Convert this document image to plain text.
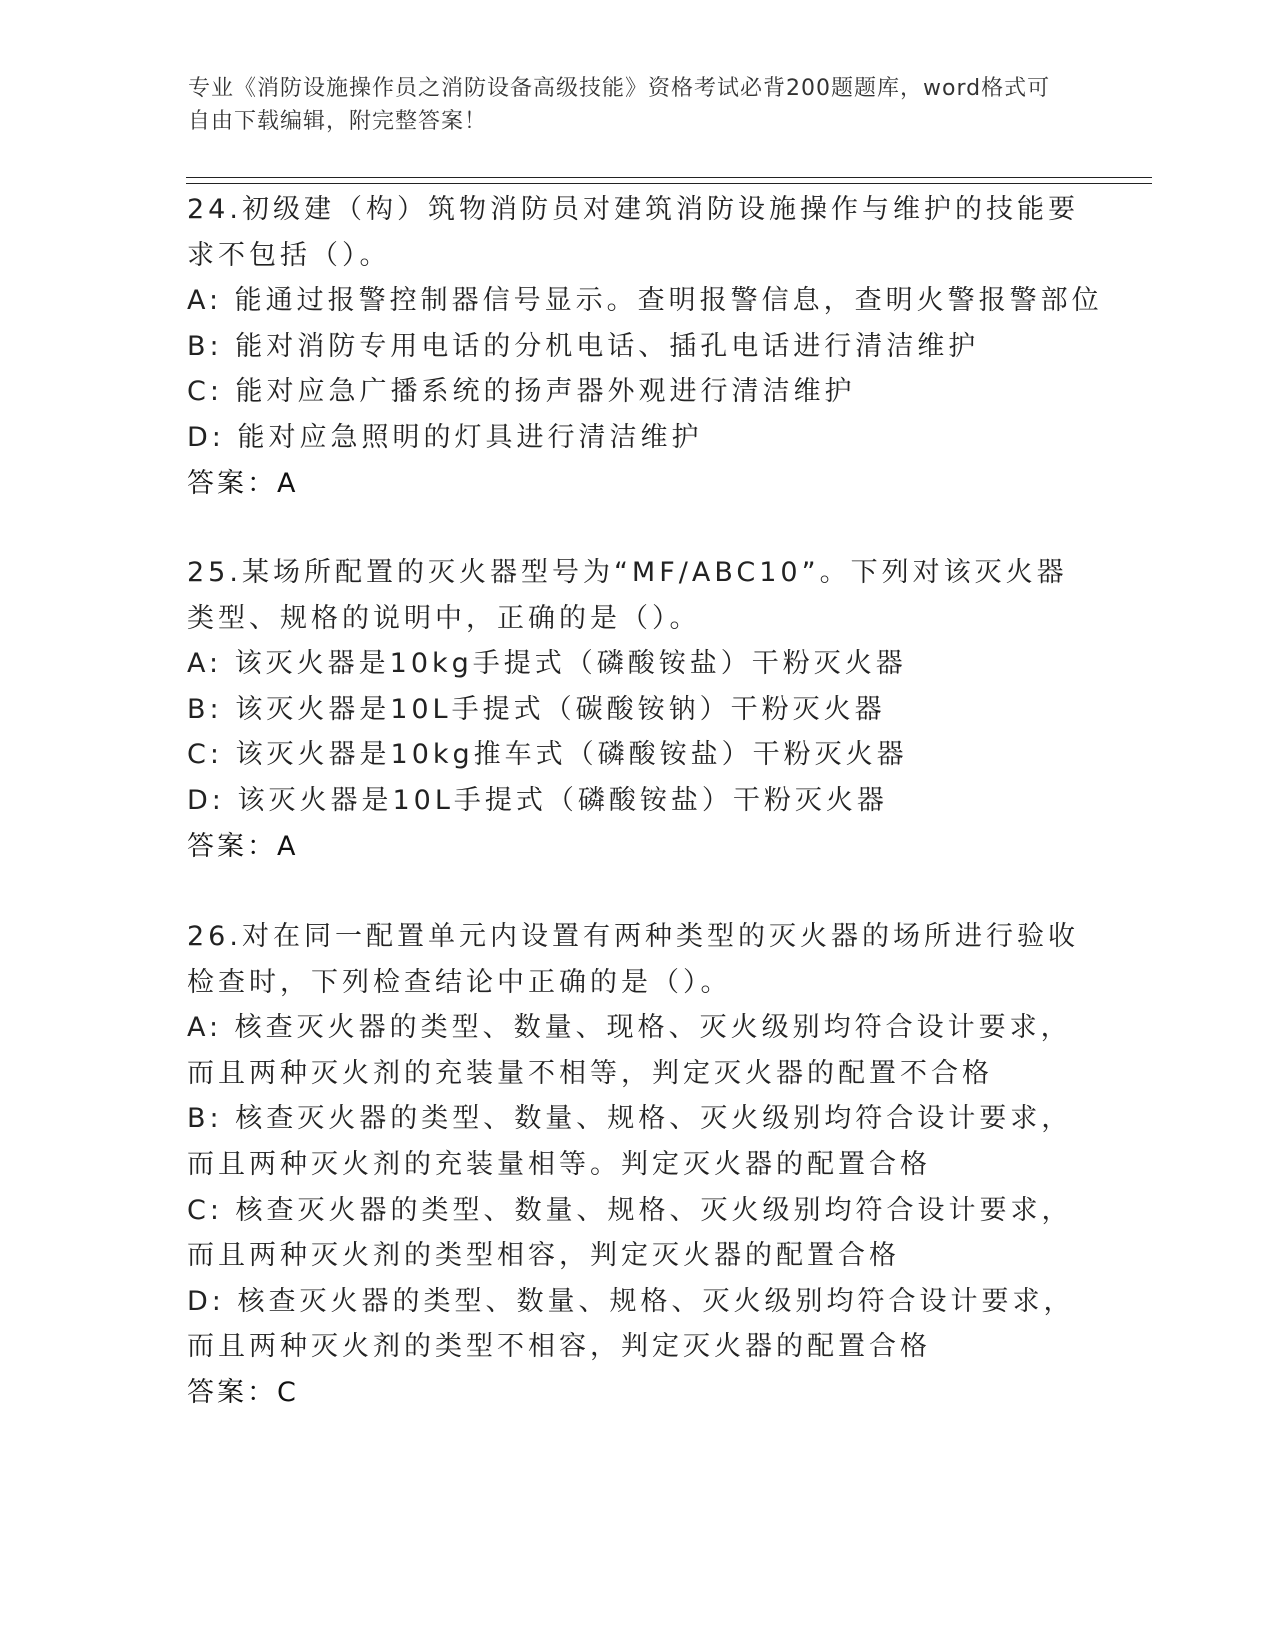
专业《消防设施操作员之消防设备高级技能》资格考试必背200题题库，word格式可自由下载编辑，附完整答案！
24.初级建（构）筑物消防员对建筑消防设施操作与维护的技能要求不包括（）。
A: 能通过报警控制器信号显示。查明报警信息，查明火警报警部位
B: 能对消防专用电话的分机电话、插孔电话进行清洁维护
C: 能对应急广播系统的扬声器外观进行清洁维护
D: 能对应急照明的灯具进行清洁维护
答案：A
25.某场所配置的灭火器型号为“MF/ABC10”。下列对该灭火器类型、规格的说明中，正确的是（）。
A: 该灭火器是10kg手提式（磷酸铵盐）干粉灭火器
B: 该灭火器是10L手提式（碳酸铵钠）干粉灭火器
C: 该灭火器是10kg推车式（磷酸铵盐）干粉灭火器
D: 该灭火器是10L手提式（磷酸铵盐）干粉灭火器
答案：A
26.对在同一配置单元内设置有两种类型的灭火器的场所进行验收检查时，下列检查结论中正确的是（）。
A: 核查灭火器的类型、数量、现格、灭火级别均符合设计要求，而且两种灭火剂的充装量不相等，判定灭火器的配置不合格
B: 核查灭火器的类型、数量、规格、灭火级别均符合设计要求，而且两种灭火剂的充装量相等。判定灭火器的配置合格
C: 核查灭火器的类型、数量、规格、灭火级别均符合设计要求，而且两种灭火剂的类型相容，判定灭火器的配置合格
D: 核查灭火器的类型、数量、规格、灭火级别均符合设计要求，而且两种灭火剂的类型不相容，判定灭火器的配置合格
答案：C
